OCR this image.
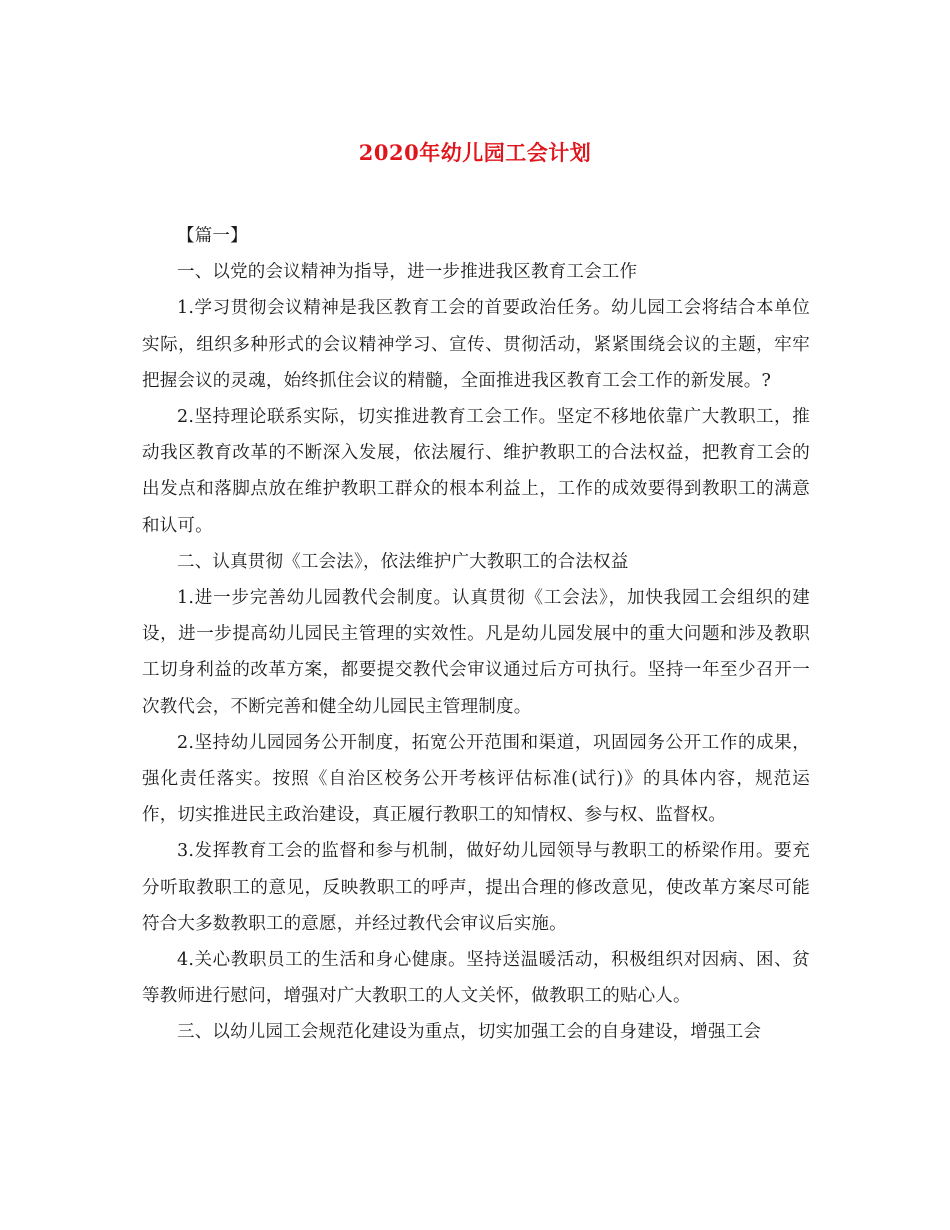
2020年幼儿园工会计划

【篇一】

一、以党的会议精神为指导，进一步推进我区教育工会工作

1.学习贯彻会议精神是我区教育工会的首要政治任务。幼儿园工会将结合本单位实际，组织多种形式的会议精神学习、宣传、贯彻活动，紧紧围绕会议的主题，牢牢把握会议的灵魂，始终抓住会议的精髓，全面推进我区教育工会工作的新发展。?

2.坚持理论联系实际，切实推进教育工会工作。坚定不移地依靠广大教职工，推动我区教育改革的不断深入发展，依法履行、维护教职工的合法权益，把教育工会的出发点和落脚点放在维护教职工群众的根本利益上，工作的成效要得到教职工的满意和认可。

二、认真贯彻《工会法》，依法维护广大教职工的合法权益

1.进一步完善幼儿园教代会制度。认真贯彻《工会法》，加快我园工会组织的建设，进一步提高幼儿园民主管理的实效性。凡是幼儿园发展中的重大问题和涉及教职工切身利益的改革方案，都要提交教代会审议通过后方可执行。坚持一年至少召开一次教代会，不断完善和健全幼儿园民主管理制度。

2.坚持幼儿园园务公开制度，拓宽公开范围和渠道，巩固园务公开工作的成果，强化责任落实。按照《自治区校务公开考核评估标准(试行)》的具体内容，规范运作，切实推进民主政治建设，真正履行教职工的知情权、参与权、监督权。

3.发挥教育工会的监督和参与机制，做好幼儿园领导与教职工的桥梁作用。要充分听取教职工的意见，反映教职工的呼声，提出合理的修改意见，使改革方案尽可能符合大多数教职工的意愿，并经过教代会审议后实施。

4.关心教职员工的生活和身心健康。坚持送温暖活动，积极组织对因病、困、贫等教师进行慰问，增强对广大教职工的人文关怀，做教职工的贴心人。

三、以幼儿园工会规范化建设为重点，切实加强工会的自身建设，增强工会
